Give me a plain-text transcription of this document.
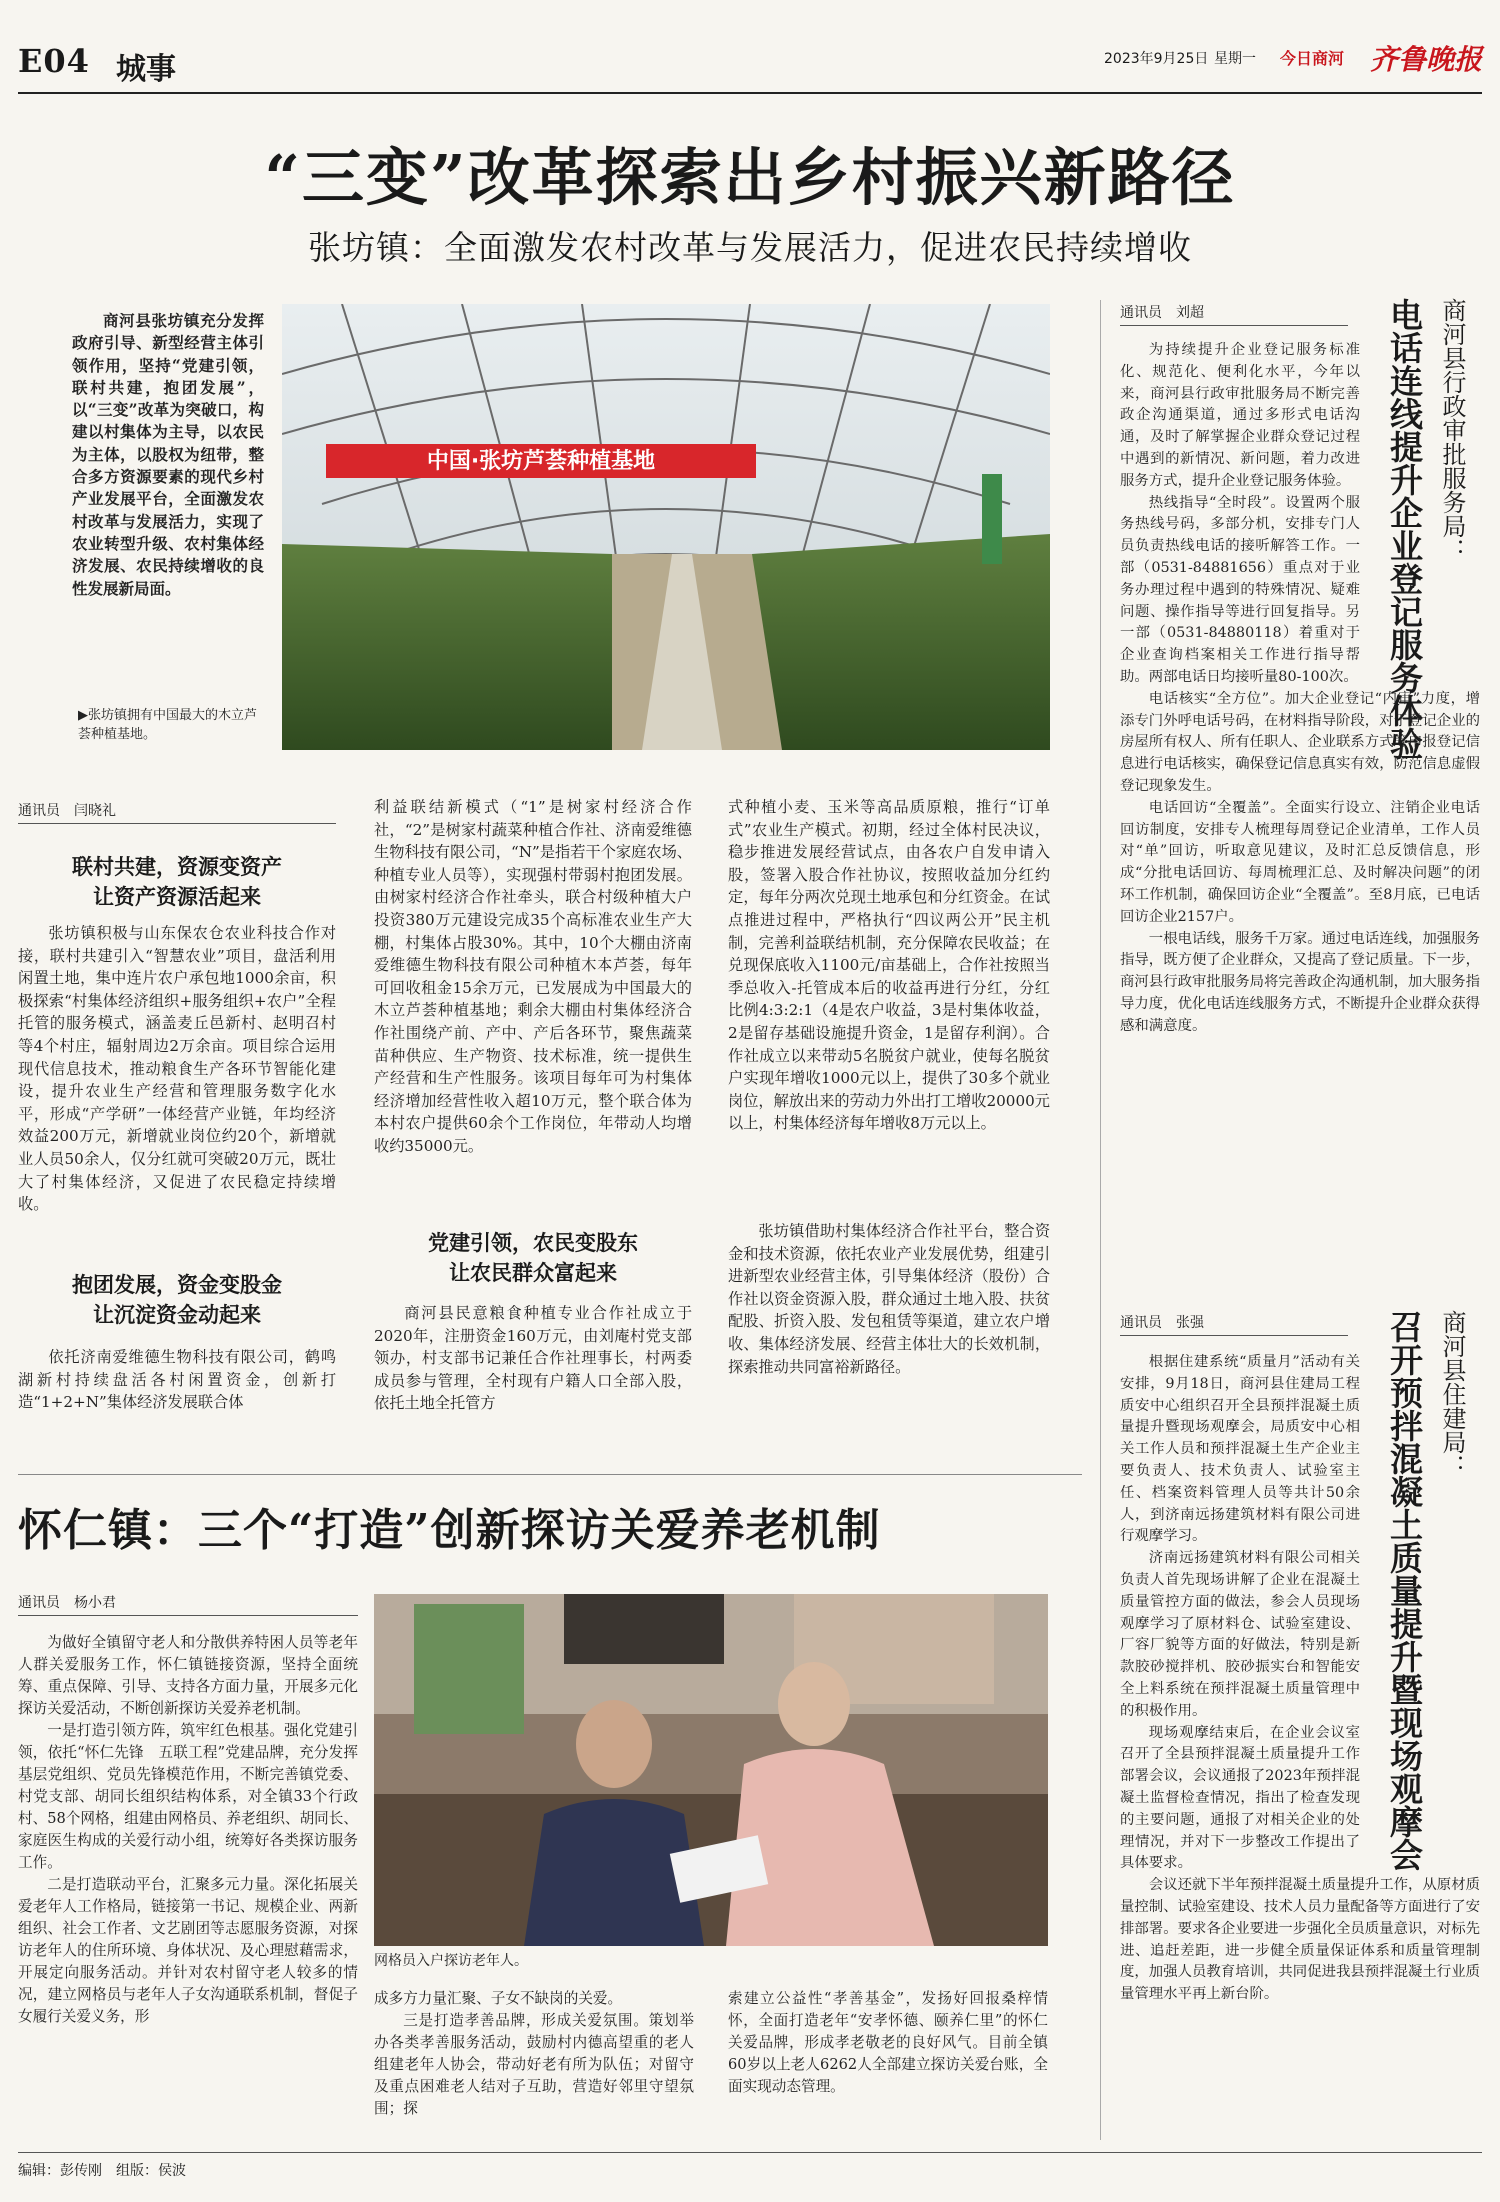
E04 城事	2023年9月25日 星期一 今日商河 齐鲁晚报
“三变”改革探索出乡村振兴新路径
张坊镇：全面激发农村改革与发展活力，促进农民持续增收
商河县张坊镇充分发挥政府引导、新型经营主体引领作用，坚持“党建引领，联村共建，抱团发展”，以“三变”改革为突破口，构建以村集体为主导，以农民为主体，以股权为纽带，整合多方资源要素的现代乡村产业发展平台，全面激发农村改革与发展活力，实现了农业转型升级、农村集体经济发展、农民持续增收的良性发展新局面。
中国·张坊芦荟种植基地
▶张坊镇拥有中国最大的木立芦荟种植基地。
通讯员　闫晓礼
联村共建，资源变资产
让资产资源活起来
张坊镇积极与山东保农仓农业科技合作对接，联村共建引入“智慧农业”项目，盘活利用闲置土地，集中连片农户承包地1000余亩，积极探索“村集体经济组织+服务组织+农户”全程托管的服务模式，涵盖麦丘邑新村、赵明召村等4个村庄，辐射周边2万余亩。项目综合运用现代信息技术，推动粮食生产各环节智能化建设，提升农业生产经营和管理服务数字化水平，形成“产学研”一体经营产业链，年均经济效益200万元，新增就业岗位约20个，新增就业人员50余人，仅分红就可突破20万元，既壮大了村集体经济，又促进了农民稳定持续增收。
抱团发展，资金变股金
让沉淀资金动起来
依托济南爱维德生物科技有限公司，鹤鸣湖新村持续盘活各村闲置资金，创新打造“1+2+N”集体经济发展联合体
利益联结新模式（“1”是树家村经济合作社，“2”是树家村蔬菜种植合作社、济南爱维德生物科技有限公司，“N”是指若干个家庭农场、种植专业人员等），实现强村带弱村抱团发展。由树家村经济合作社牵头，联合村级种植大户投资380万元建设完成35个高标准农业生产大棚，村集体占股30%。其中，10个大棚由济南爱维德生物科技有限公司种植木本芦荟，每年可回收租金15余万元，已发展成为中国最大的木立芦荟种植基地；剩余大棚由村集体经济合作社围绕产前、产中、产后各环节，聚焦蔬菜苗种供应、生产物资、技术标准，统一提供生产经营和生产性服务。该项目每年可为村集体经济增加经营性收入超10万元，整个联合体为本村农户提供60余个工作岗位，年带动人均增收约35000元。
党建引领，农民变股东
让农民群众富起来
商河县民意粮食种植专业合作社成立于2020年，注册资金160万元，由刘庵村党支部领办，村支部书记兼任合作社理事长，村两委成员参与管理，全村现有户籍人口全部入股，依托土地全托管方
式种植小麦、玉米等高品质原粮，推行“订单式”农业生产模式。初期，经过全体村民决议，稳步推进发展经营试点，由各农户自发申请入股，签署入股合作社协议，按照收益加分红约定，每年分两次兑现土地承包和分红资金。在试点推进过程中，严格执行“四议两公开”民主机制，完善利益联结机制，充分保障农民收益；在兑现保底收入1100元/亩基础上，合作社按照当季总收入-托管成本后的收益再进行分红，分红比例4:3:2:1（4是农户收益，3是村集体收益，2是留存基础设施提升资金，1是留存利润）。合作社成立以来带动5名脱贫户就业，使每名脱贫户实现年增收1000元以上，提供了30多个就业岗位，解放出来的劳动力外出打工增收20000元以上，村集体经济每年增收8万元以上。
张坊镇借助村集体经济合作社平台，整合资金和技术资源，依托农业产业发展优势，组建引进新型农业经营主体，引导集体经济（股份）合作社以资金资源入股，群众通过土地入股、扶贫配股、折资入股、发包租赁等渠道，建立农户增收、集体经济发展、经营主体壮大的长效机制，探索推动共同富裕新路径。
通讯员　刘超	电话连线提升企业登记服务体验 商河县行政审批服务局：

为持续提升企业登记服务标准化、规范化、便利化水平，今年以来，商河县行政审批服务局不断完善政企沟通渠道，通过多形式电话沟通，及时了解掌握企业群众登记过程中遇到的新情况、新问题，着力改进服务方式，提升企业登记服务体验。

热线指导“全时段”。设置两个服务热线号码，多部分机，安排专门人员负责热线电话的接听解答工作。一部（0531-84881656）重点对于业务办理过程中遇到的特殊情况、疑难问题、操作指导等进行回复指导。另一部（0531-84880118）着重对于企业查询档案相关工作进行指导帮助。两部电话日均接听量80-100次。

电话核实“全方位”。加大企业登记“内审”力度，增添专门外呼电话号码，在材料指导阶段，对于登记企业的房屋所有权人、所有任职人、企业联系方式等申报登记信息进行电话核实，确保登记信息真实有效，防范信息虚假登记现象发生。

电话回访“全覆盖”。全面实行设立、注销企业电话回访制度，安排专人梳理每周登记企业清单，工作人员对“单”回访，听取意见建议，及时汇总反馈信息，形成“分批电话回访、每周梳理汇总、及时解决问题”的闭环工作机制，确保回访企业“全覆盖”。至8月底，已电话回访企业2157户。

一根电话线，服务千万家。通过电话连线，加强服务指导，既方便了企业群众，又提高了登记质量。下一步，商河县行政审批服务局将完善政企沟通机制，加大服务指导力度，优化电话连线服务方式，不断提升企业群众获得感和满意度。

通讯员　张强	召开预拌混凝土质量提升暨现场观摩会 商河县住建局：

根据住建系统“质量月”活动有关安排，9月18日，商河县住建局工程质安中心组织召开全县预拌混凝土质量提升暨现场观摩会，局质安中心相关工作人员和预拌混凝土生产企业主要负责人、技术负责人、试验室主任、档案资料管理人员等共计50余人，到济南远扬建筑材料有限公司进行观摩学习。

济南远扬建筑材料有限公司相关负责人首先现场讲解了企业在混凝土质量管控方面的做法，参会人员现场观摩学习了原材料仓、试验室建设、厂容厂貌等方面的好做法，特别是新款胶砂搅拌机、胶砂振实台和智能安全上料系统在预拌混凝土质量管理中的积极作用。

现场观摩结束后，在企业会议室召开了全县预拌混凝土质量提升工作部署会议，会议通报了2023年预拌混凝土监督检查情况，指出了检查发现的主要问题，通报了对相关企业的处理情况，并对下一步整改工作提出了具体要求。

会议还就下半年预拌混凝土质量提升工作，从原材质量控制、试验室建设、技术人员力量配备等方面进行了安排部署。要求各企业要进一步强化全员质量意识，对标先进、追赶差距，进一步健全质量保证体系和质量管理制度，加强人员教育培训，共同促进我县预拌混凝土行业质量管理水平再上新台阶。

怀仁镇：三个“打造”创新探访关爱养老机制
通讯员　杨小君

为做好全镇留守老人和分散供养特困人员等老年人群关爱服务工作，怀仁镇链接资源，坚持全面统筹、重点保障、引导、支持各方面力量，开展多元化探访关爱活动，不断创新探访关爱养老机制。

一是打造引领方阵，筑牢红色根基。强化党建引领，依托“怀仁先锋　五联工程”党建品牌，充分发挥基层党组织、党员先锋模范作用，不断完善镇党委、村党支部、胡同长组织结构体系，对全镇33个行政村、58个网格，组建由网格员、养老组织、胡同长、家庭医生构成的关爱行动小组，统筹好各类探访服务工作。

二是打造联动平台，汇聚多元力量。深化拓展关爱老年人工作格局，链接第一书记、规模企业、两新组织、社会工作者、文艺剧团等志愿服务资源，对探访老年人的住所环境、身体状况、及心理慰藉需求，开展定向服务活动。并针对农村留守老人较多的情况，建立网格员与老年人子女沟通联系机制，督促子女履行关爱义务，形

网格员入户探访老年人。

成多方力量汇聚、子女不缺岗的关爱。

三是打造孝善品牌，形成关爱氛围。策划举办各类孝善服务活动，鼓励村内德高望重的老人组建老年人协会，带动好老有所为队伍；对留守及重点困难老人结对子互助，营造好邻里守望氛围；探

索建立公益性“孝善基金”，发扬好回报桑梓情怀，全面打造老年“安孝怀德、颐养仁里”的怀仁关爱品牌，形成孝老敬老的良好风气。目前全镇60岁以上老人6262人全部建立探访关爱台账，全面实现动态管理。

编辑：彭传刚　组版：侯波
